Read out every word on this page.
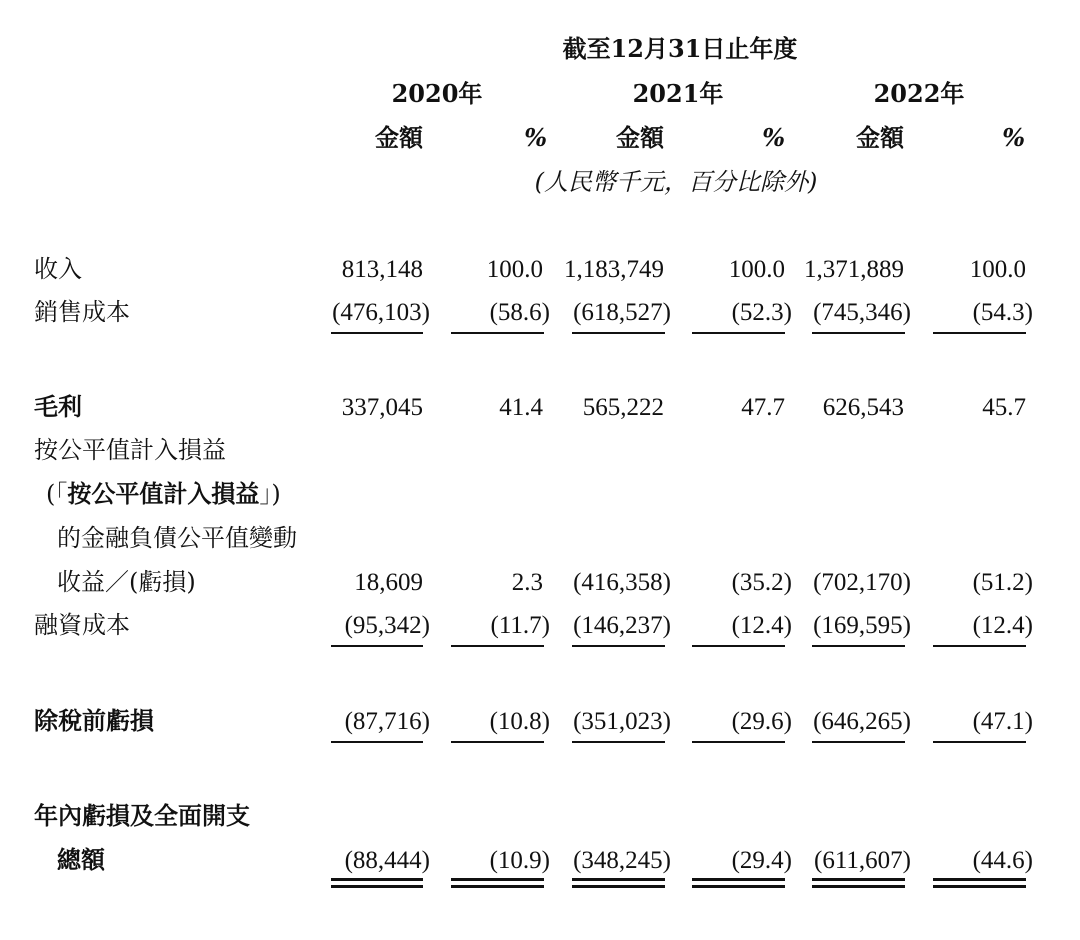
截至12月31日止年度
2020年	2021年	2022年
金額	%	金額	%	金額	%
(人民幣千元，百分比除外)
收入	813,148	100.0 1,183,749	100.0 1,371,889	100.0
銷售成本	(476,103) (58.6) (618,527) (52.3) (745,346) (54.3)
毛利	337,045	41.4 565,222	47.7 626,543	45.7
按公平值計入損益
(「按公平值計入損益」)
的金融負債公平值變動
收益／(虧損)	18,609	2.3 (416,358) (35.2) (702,170) (51.2)
融資成本	(95,342) (11.7) (146,237) (12.4) (169,595) (12.4)
除稅前虧損	(87,716) (10.8) (351,023) (29.6) (646,265) (47.1)
年內虧損及全面開支
總額	(88,444) (10.9) (348,245) (29.4) (611,607) (44.6)
